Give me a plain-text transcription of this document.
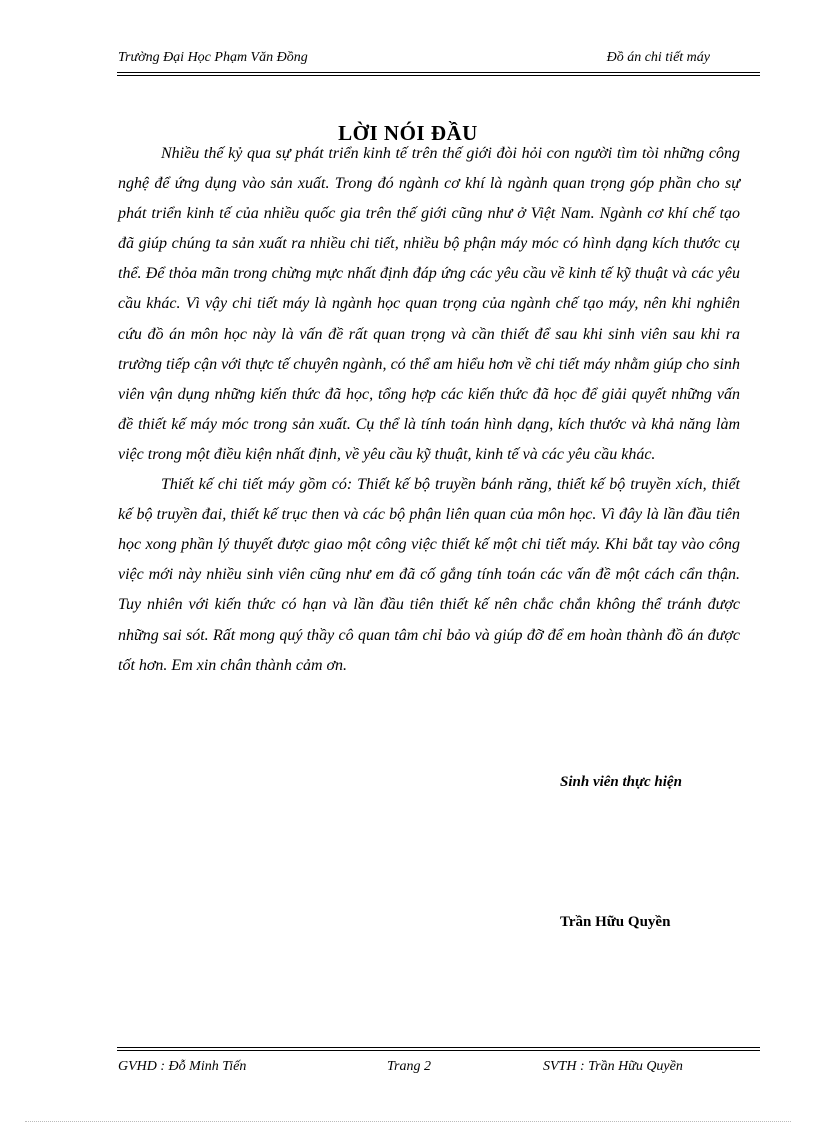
Trường Đại Học Phạm Văn Đồng	Đồ án chi tiết máy
LỜI NÓI ĐẦU

Nhiều thế kỷ qua sự phát triển kinh tế trên thế giới đòi hỏi con người tìm tòi những công nghệ để ứng dụng vào sản xuất. Trong đó ngành cơ khí là ngành quan trọng góp phần cho sự phát triển kinh tế của nhiều quốc gia trên thế giới cũng như ở Việt Nam. Ngành cơ khí chế tạo đã giúp chúng ta sản xuất ra nhiều chi tiết, nhiều bộ phận máy móc có hình dạng kích thước cụ thể. Để thỏa mãn trong chừng mực nhất định đáp ứng các yêu cầu về kinh tế kỹ thuật và các yêu cầu khác. Vì vậy chi tiết máy là ngành học quan trọng của ngành chế tạo máy, nên khi nghiên cứu đồ án môn học này là vấn đề rất quan trọng và cần thiết để sau khi sinh viên sau khi ra trường tiếp cận với thực tế chuyên ngành, có thể am hiểu hơn về chi tiết máy nhằm giúp cho sinh viên vận dụng những kiến thức đã học, tổng hợp các kiến thức đã học để giải quyết những vấn đề thiết kế máy móc trong sản xuất. Cụ thể là tính toán hình dạng, kích thước và khả năng làm việc trong một điều kiện nhất định, về yêu cầu kỹ thuật, kinh tế và các yêu cầu khác.

Thiết kế chi tiết máy gồm có: Thiết kế bộ truyền bánh răng, thiết kế bộ truyền xích, thiết kế bộ truyền đai, thiết kế trục then và các bộ phận liên quan của môn học. Vì đây là lần đầu tiên học xong phần lý thuyết được giao một công việc thiết kế một chi tiết máy. Khi bắt tay vào công việc mới này nhiều sinh viên cũng như em đã cố gắng tính toán các vấn đề một cách cẩn thận. Tuy nhiên với kiến thức có hạn và lần đầu tiên thiết kế nên chắc chắn không thể tránh được những sai sót. Rất mong quý thầy cô quan tâm chỉ bảo và giúp đỡ để em hoàn thành đồ án được tốt hơn. Em xin chân thành cảm ơn.

Sinh viên thực hiện
Trần Hữu Quyền
GVHD : Đỗ Minh Tiến	Trang 2	SVTH : Trần Hữu Quyền
